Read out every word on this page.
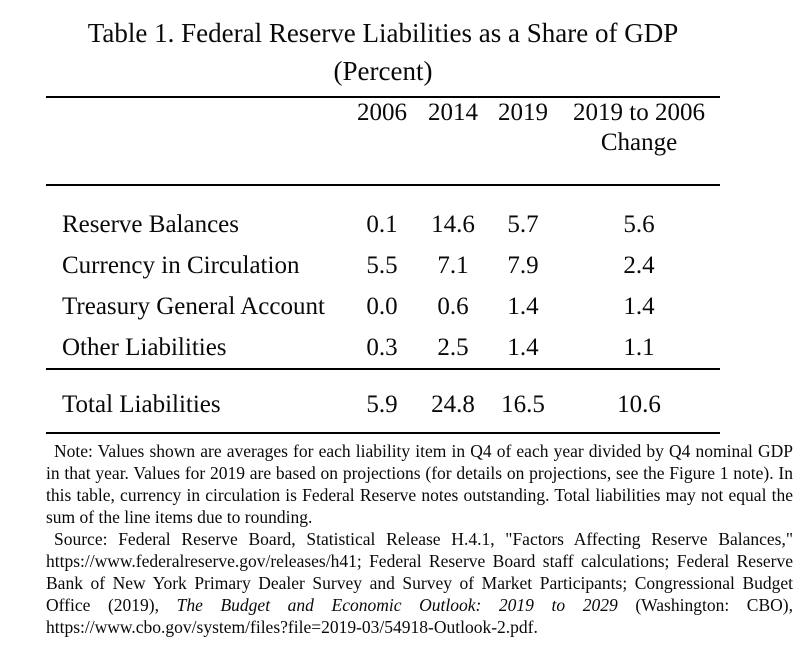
Table 1. Federal Reserve Liabilities as a Share of GDP
(Percent)
	2006	2014	2019	2019 to 2006
Change

Reserve Balances	0.1	14.6	5.7	5.6
Currency in Circulation	5.5	7.1	7.9	2.4
Treasury General Account	0.0	0.6	1.4	1.4
Other Liabilities	0.3	2.5	1.4	1.1
Total Liabilities	5.9	24.8	16.5	10.6

Note: Values shown are averages for each liability item in Q4 of each year divided by Q4 nominal GDP in that year. Values for 2019 are based on projections (for details on projections, see the Figure 1 note). In this table, currency in circulation is Federal Reserve notes outstanding. Total liabilities may not equal the sum of the line items due to rounding.

Source: Federal Reserve Board, Statistical Release H.4.1, "Factors Affecting Reserve Balances," https://www.federalreserve.gov/releases/h41; Federal Reserve Board staff calculations; Federal Reserve Bank of New York Primary Dealer Survey and Survey of Market Participants; Congressional Budget Office (2019), The Budget and Economic Outlook: 2019 to 2029 (Washington: CBO), https://www.cbo.gov/system/files?file=2019-03/54918-Outlook-2.pdf.
